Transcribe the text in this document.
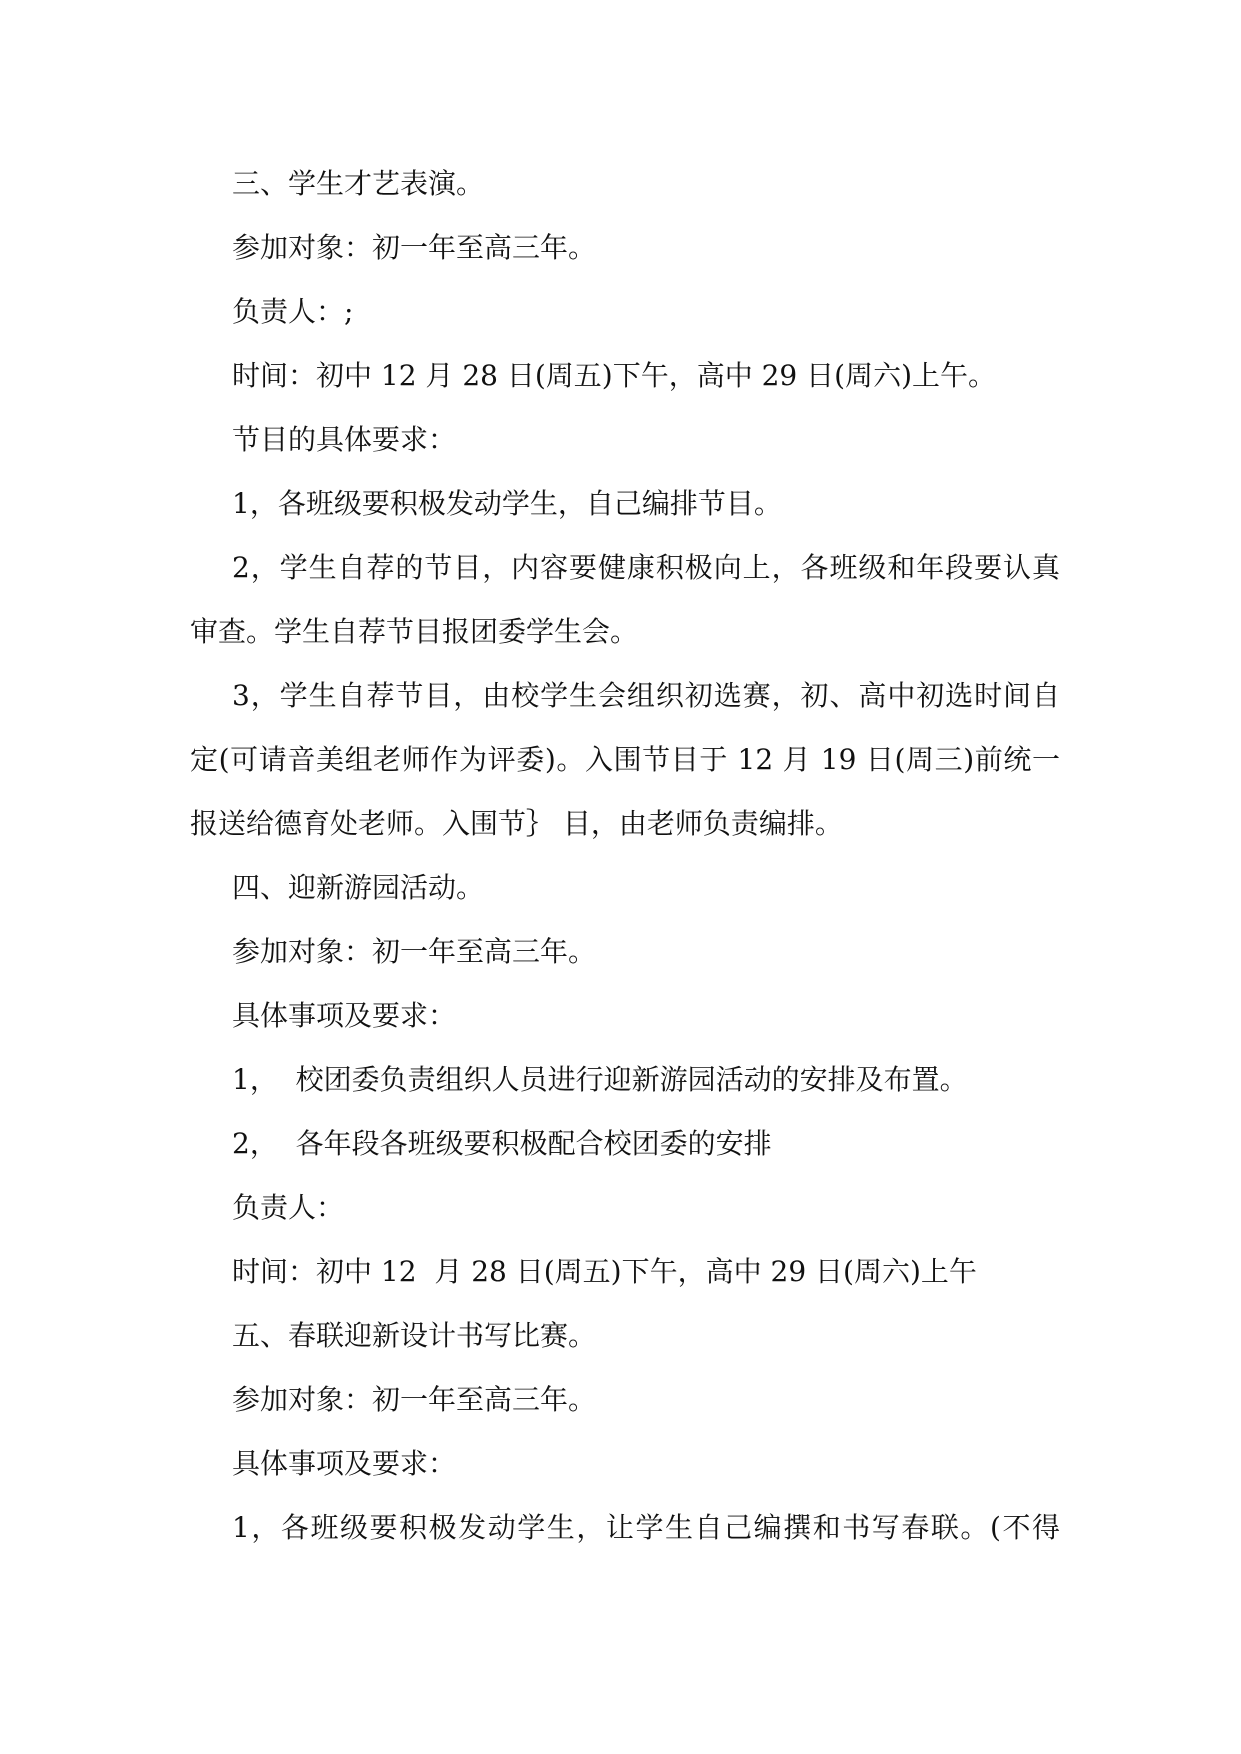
三、学生才艺表演。
参加对象：初一年至高三年。
负责人：;
时间：初中 12 月 28 日(周五)下午，高中 29 日(周六)上午。
节目的具体要求：
1，各班级要积极发动学生，自己编排节目。
2，学生自荐的节目，内容要健康积极向上，各班级和年段要认真
审查。学生自荐节目报团委学生会。
3，学生自荐节目，由校学生会组织初选赛，初、高中初选时间自
定(可请音美组老师作为评委)。入围节目于 12 月 19 日(周三)前统一
报送给德育处老师。入围节｝ 目，由老师负责编排。
四、迎新游园活动。
参加对象：初一年至高三年。
具体事项及要求：
1，  校团委负责组织人员进行迎新游园活动的安排及布置。
2，  各年段各班级要积极配合校团委的安排
负责人：
时间：初中 12  月 28 日(周五)下午，高中 29 日(周六)上午
五、春联迎新设计书写比赛。
参加对象：初一年至高三年。
具体事项及要求：
1，各班级要积极发动学生，让学生自己编撰和书写春联。(不得
